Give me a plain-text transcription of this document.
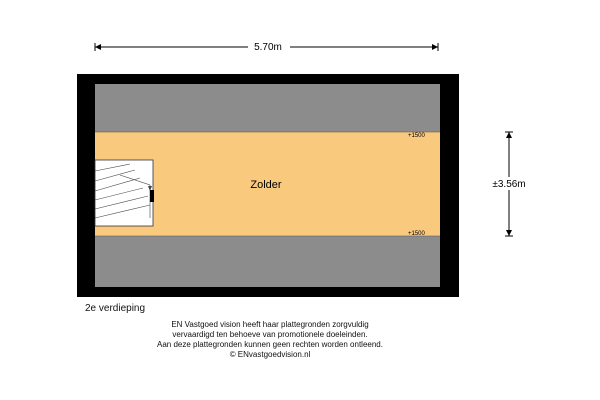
5.70m
Zolder
+1500
+1500
±3.56m
2e verdieping
EN Vastgoed vision heeft haar plattegronden zorgvuldig
vervaardigd ten behoeve van promotionele doeleinden.
Aan deze plattegronden kunnen geen rechten worden ontleend.
© ENvastgoedvision.nl
